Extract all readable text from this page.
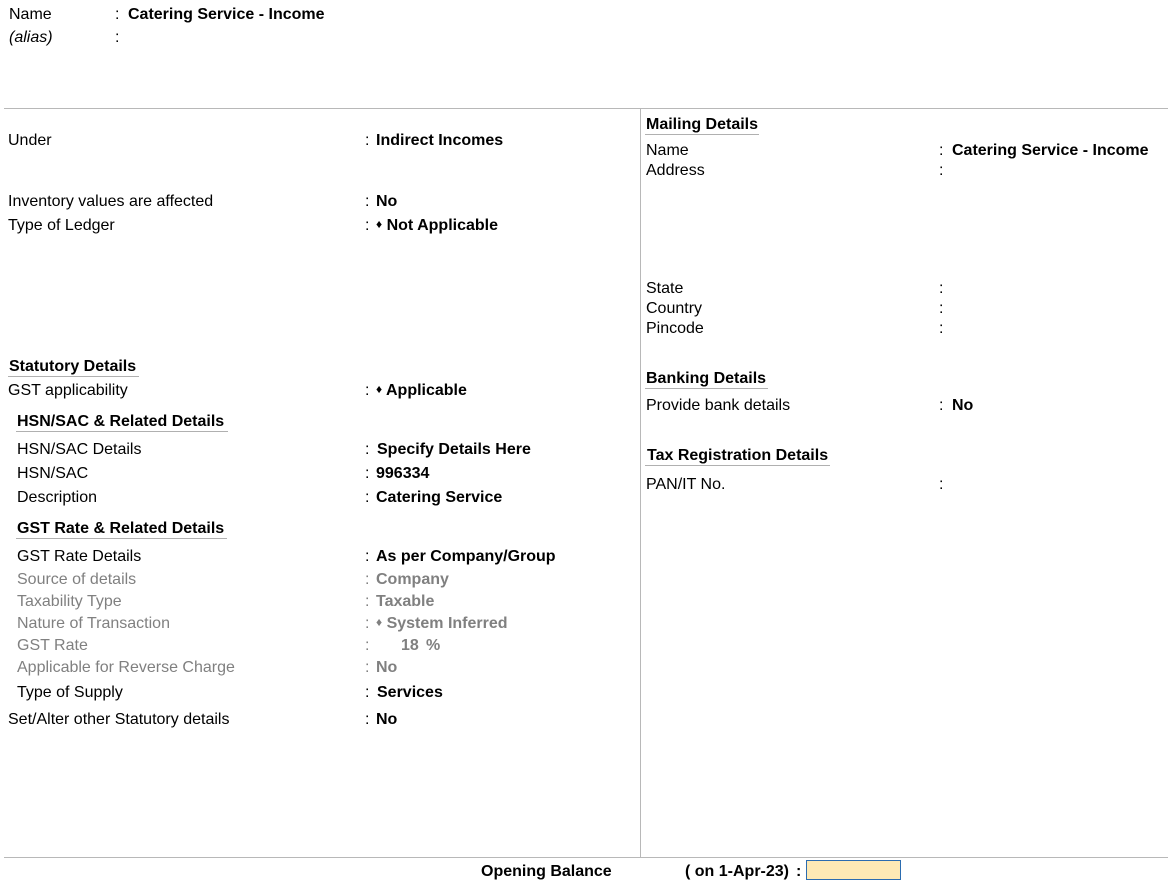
Name	: Catering Service - Income
(alias)	:
Under	: Indirect Incomes
Inventory values are affected	: No
Type of Ledger	: ♦ Not Applicable
Statutory Details
GST applicability	: ♦ Applicable
HSN/SAC & Related Details
HSN/SAC Details	: Specify Details Here
HSN/SAC	: 996334
Description	: Catering Service
GST Rate & Related Details
GST Rate Details	: As per Company/Group
Source of details	: Company
Taxability Type	: Taxable
Nature of Transaction	: ♦ System Inferred
GST Rate	: 18 %
Applicable for Reverse Charge	: No
Type of Supply	: Services
Set/Alter other Statutory details	: No
Mailing Details
Name	: Catering Service - Income
Address	:
State	:
Country	:
Pincode	:
Banking Details
Provide bank details	: No
Tax Registration Details
PAN/IT No.	:
Opening Balance	( on 1-Apr-23) :
